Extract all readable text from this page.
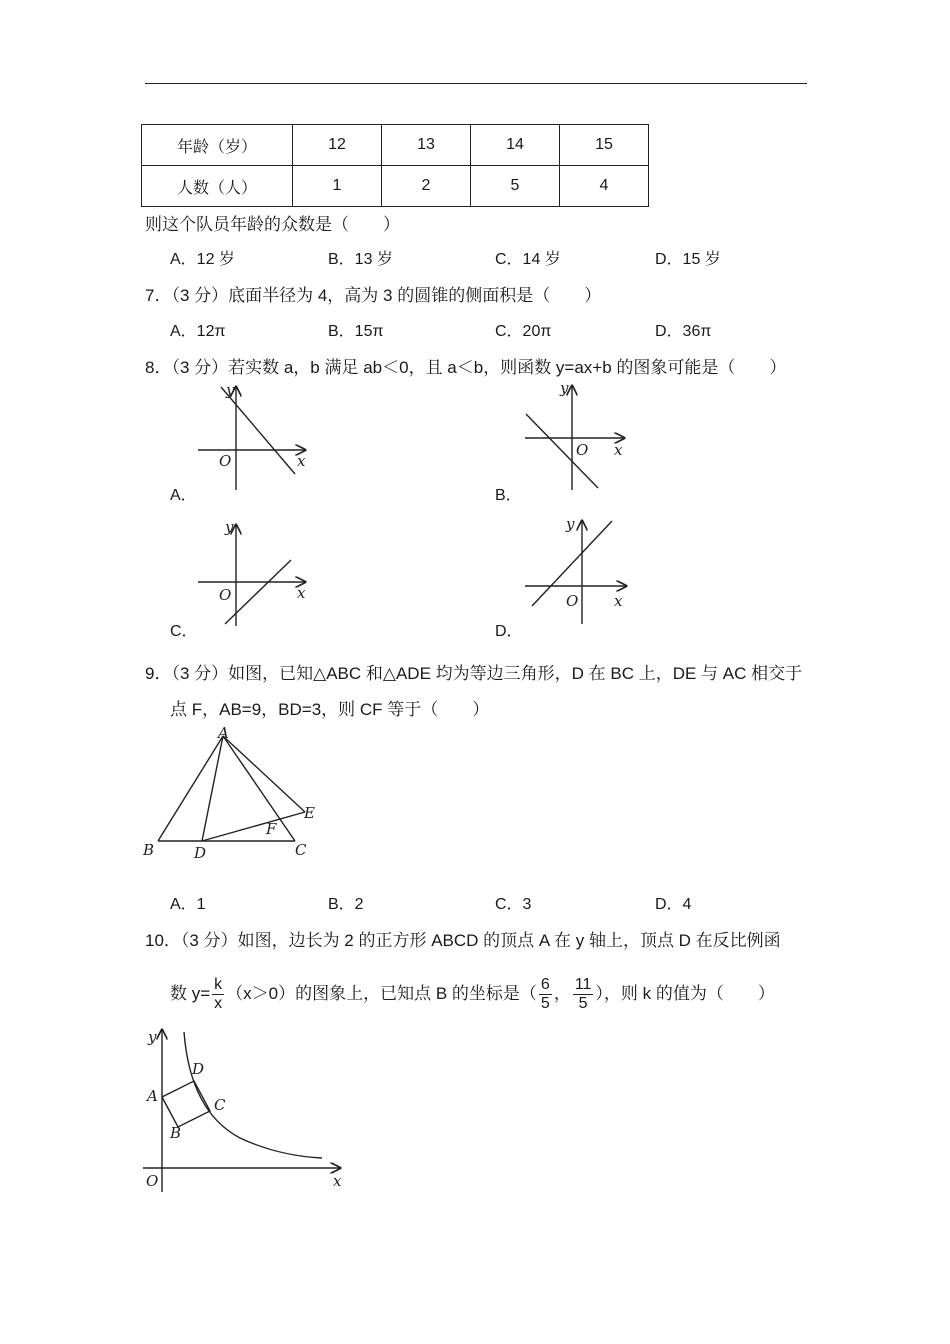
年龄（岁）	12	13	14	15
人数（人）	1	2	5	4
则这个队员年龄的众数是（　　）
A．12 岁	B．13 岁	C．14 岁	D．15 岁
7．（3 分）底面半径为 4，高为 3 的圆锥的侧面积是（　　）
A．12π	B．15π	C．20π	D．36π
8．（3 分）若实数 a，b 满足 ab＜0，且 a＜b，则函数 y=ax+b 的图象可能是（　　）
y
x
O
A．
y
x
O
B．
y
x
O
C．
y
x
O
D．
9．（3 分）如图，已知△ABC 和△ADE 均为等边三角形，D 在 BC 上，DE 与 AC 相交于
点 F，AB=9，BD=3，则 CF 等于（　　）
A
B	D	C
E
F
A．1	B．2	C．3	D．4
10．（3 分）如图，边长为 2 的正方形 ABCD 的顶点 A 在 y 轴上，顶点 D 在反比例函
数 $y= \frac{k}{x} (x>0)$的图象上，已知点 B 的坐标是（ $\frac{6}{5}$ ， $\frac{11}{5}$ ），则 k 的值为（　　）
y
x
O
A
B
C
D
